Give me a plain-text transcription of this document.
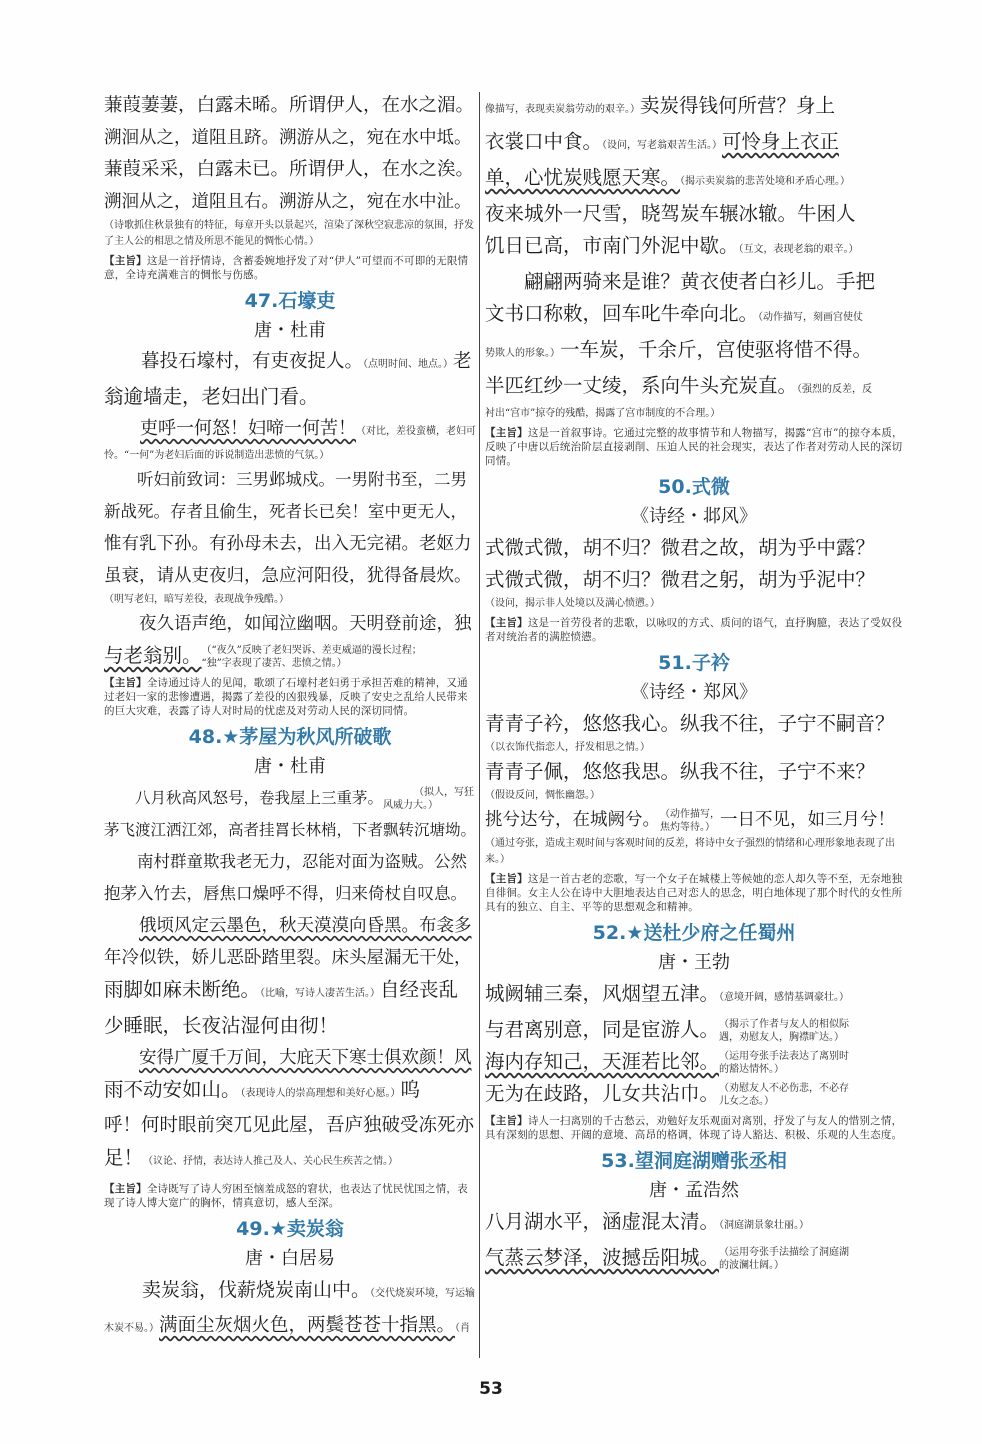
蒹葭萋萋，白露未晞。所谓伊人，在水之湄。

溯洄从之，道阻且跻。溯游从之，宛在水中坻。

蒹葭采采，白露未已。所谓伊人，在水之涘。

溯洄从之，道阻且右。溯游从之，宛在水中沚。

（诗歌抓住秋景独有的特征，每章开头以景起兴，渲染了深秋空寂悲凉的氛围，抒发了主人公的相思之情及所思不能见的惆怅心情。）

【主旨】这是一首抒情诗，含蓄委婉地抒发了对“伊人”可望而不可即的无限情意，全诗充满难言的惆怅与伤感。

47.石壕吏

唐・杜甫

暮投石壕村，有吏夜捉人。（点明时间、地点。）老

翁逾墙走，老妇出门看。

吏呼一何怒！妇啼一何苦！（对比，差役蛮横，老妇可

怜。“一何”为老妇后面的诉说制造出悲愤的气氛。）

听妇前致词：三男邺城戍。一男附书至，二男

新战死。存者且偷生，死者长已矣！室中更无人，

惟有乳下孙。有孙母未去，出入无完裙。老妪力

虽衰，请从吏夜归，急应河阳役，犹得备晨炊。

（明写老妇，暗写差役，表现战争残酷。）

夜久语声绝，如闻泣幽咽。天明登前途，独

与老翁别。（“夜久”反映了老妇哭诉、差吏威逼的漫长过程；
“独”字表现了凄苦、悲愤之情。）

【主旨】全诗通过诗人的见闻，歌颂了石壕村老妇勇于承担苦难的精神，又通过老妇一家的悲惨遭遇，揭露了差役的凶狠残暴，反映了安史之乱给人民带来的巨大灾难，表露了诗人对时局的忧虑及对劳动人民的深切同情。

48.★茅屋为秋风所破歌

唐・杜甫

八月秋高风怒号，卷我屋上三重茅。	（拟人，写狂
风威力大。）

茅飞渡江洒江郊，高者挂罥长林梢，下者飘转沉塘坳。

南村群童欺我老无力，忍能对面为盗贼。公然

抱茅入竹去，唇焦口燥呼不得，归来倚杖自叹息。

俄顷风定云墨色，秋天漠漠向昏黑。布衾多

年冷似铁，娇儿恶卧踏里裂。床头屋漏无干处，

雨脚如麻未断绝。（比喻，写诗人凄苦生活。）自经丧乱

少睡眠，长夜沾湿何由彻！

安得广厦千万间，大庇天下寒士俱欢颜！风

雨不动安如山。（表现诗人的崇高理想和美好心愿。）呜

呼！何时眼前突兀见此屋，吾庐独破受冻死亦

足！（议论、抒情，表达诗人推己及人、关心民生疾苦之情。）

【主旨】全诗既写了诗人穷困至恼羞成怒的窘状，也表达了忧民忧国之情，表现了诗人博大宽广的胸怀，情真意切，感人至深。

49.★卖炭翁

唐・白居易

卖炭翁，伐薪烧炭南山中。（交代烧炭环境，写运输

木炭不易。）满面尘灰烟火色，两鬓苍苍十指黑。（肖

像描写，表现卖炭翁劳动的艰辛。）卖炭得钱何所营？身上

衣裳口中食。（设问，写老翁艰苦生活。）可怜身上衣正

单，心忧炭贱愿天寒。（揭示卖炭翁的悲苦处境和矛盾心理。）

夜来城外一尺雪，晓驾炭车辗冰辙。牛困人

饥日已高，市南门外泥中歇。（互文，表现老翁的艰辛。）

翩翩两骑来是谁？黄衣使者白衫儿。手把

文书口称敕，回车叱牛牵向北。（动作描写，刻画宫使仗

势欺人的形象。）一车炭，千余斤，宫使驱将惜不得。

半匹红纱一丈绫，系向牛头充炭直。（强烈的反差，反

衬出“宫市”掠夺的残酷，揭露了宫市制度的不合理。）

【主旨】这是一首叙事诗。它通过完整的故事情节和人物描写，揭露“宫市”的掠夺本质，反映了中唐以后统治阶层直接剥削、压迫人民的社会现实，表达了作者对劳动人民的深切同情。

50.式微

《诗经・邶风》

式微式微，胡不归？微君之故，胡为乎中露？

式微式微，胡不归？微君之躬，胡为乎泥中？

（设问，揭示非人处境以及满心愤懑。）

【主旨】这是一首劳役者的悲歌，以咏叹的方式、质问的语气，直抒胸臆，表达了受奴役者对统治者的满腔愤懑。

51.子衿

《诗经・郑风》

青青子衿，悠悠我心。纵我不往，子宁不嗣音？

（以衣饰代指恋人，抒发相思之情。）

青青子佩，悠悠我思。纵我不往，子宁不来？

（假设反问，惆怅幽怨。）

挑兮达兮，在城阙兮。（动作描写，
焦灼等待。） 一日不见，如三月兮！

（通过夸张，造成主观时间与客观时间的反差，将诗中女子强烈的情绪和心理形象地表现了出来。）

【主旨】这是一首古老的恋歌，写一个女子在城楼上等候她的恋人却久等不至，无奈地独自徘徊。女主人公在诗中大胆地表达自己对恋人的思念，明白地体现了那个时代的女性所具有的独立、自主、平等的思想观念和精神。

52.★送杜少府之任蜀州

唐・王勃

城阙辅三秦，风烟望五津。（意境开阔，感情基调豪壮。）

与君离别意，同是宦游人。（揭示了作者与友人的相似际
遇，劝慰友人，胸襟旷达。）

海内存知己，天涯若比邻。（运用夸张手法表达了离别时
的豁达情怀。）

无为在歧路，儿女共沾巾。（劝慰友人不必伤悲，不必存
儿女之态。）

【主旨】诗人一扫离别的千古愁云，劝勉好友乐观面对离别，抒发了与友人的惜别之情，具有深刻的思想、开阔的意境、高昂的格调，体现了诗人豁达、积极、乐观的人生态度。

53.望洞庭湖赠张丞相

唐・孟浩然

八月湖水平，涵虚混太清。（洞庭湖景象壮丽。）

气蒸云梦泽，波撼岳阳城。（运用夸张手法描绘了洞庭湖
的波澜壮阔。）

53
